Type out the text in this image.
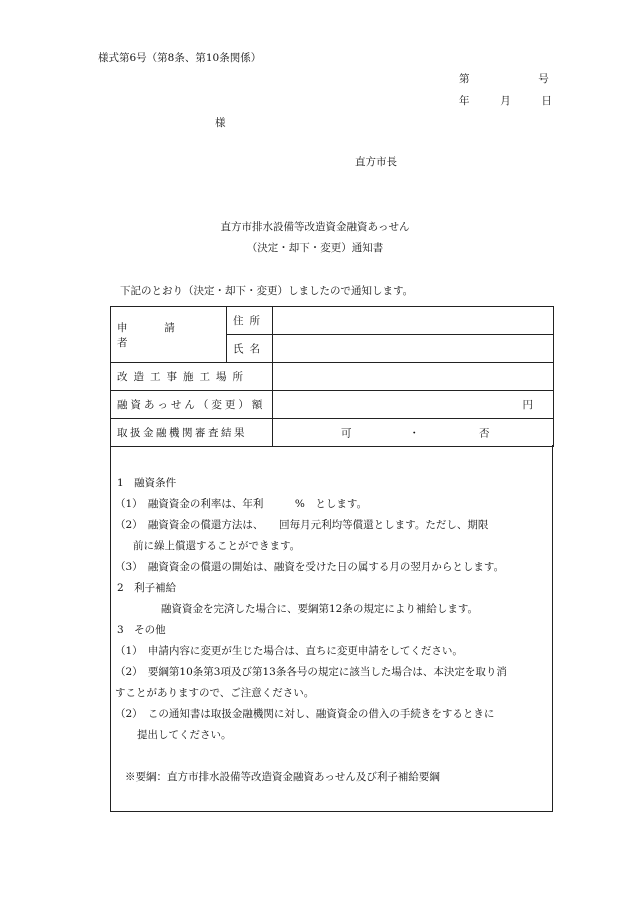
様式第6号（第8条、第10条関係）
第	号
年	月	日
様
直方市長
直方市排水設備等改造資金融資あっせん
（決定・却下・変更）通知書
下記のとおり（決定・却下・変更）しましたので通知します。
申 請  者	住所	
	氏名	
改造工事施工場所		
融資あっせん（変更）額		円
取扱金融機関審査結果		可 ・ 否
1　融資条件
（1）　融資資金の利率は、年利　　　%　とします。
（2）　融資資金の償還方法は、　　回毎月元利均等償還とします。ただし、期限
前に繰上償還することができます。
（3）　融資資金の償還の開始は、融資を受けた日の属する月の翌月からとします。
2　利子補給
融資資金を完済した場合に、要綱第12条の規定により補給します。
3　その他
（1）　申請内容に変更が生じた場合は、直ちに変更申請をしてください。
（2）　要綱第10条第3項及び第13条各号の規定に該当した場合は、本決定を取り消
すことがありますので、ご注意ください。
（2）　この通知書は取扱金融機関に対し、融資資金の借入の手続きをするときに
提出してください。
※要綱：直方市排水設備等改造資金融資あっせん及び利子補給要綱
